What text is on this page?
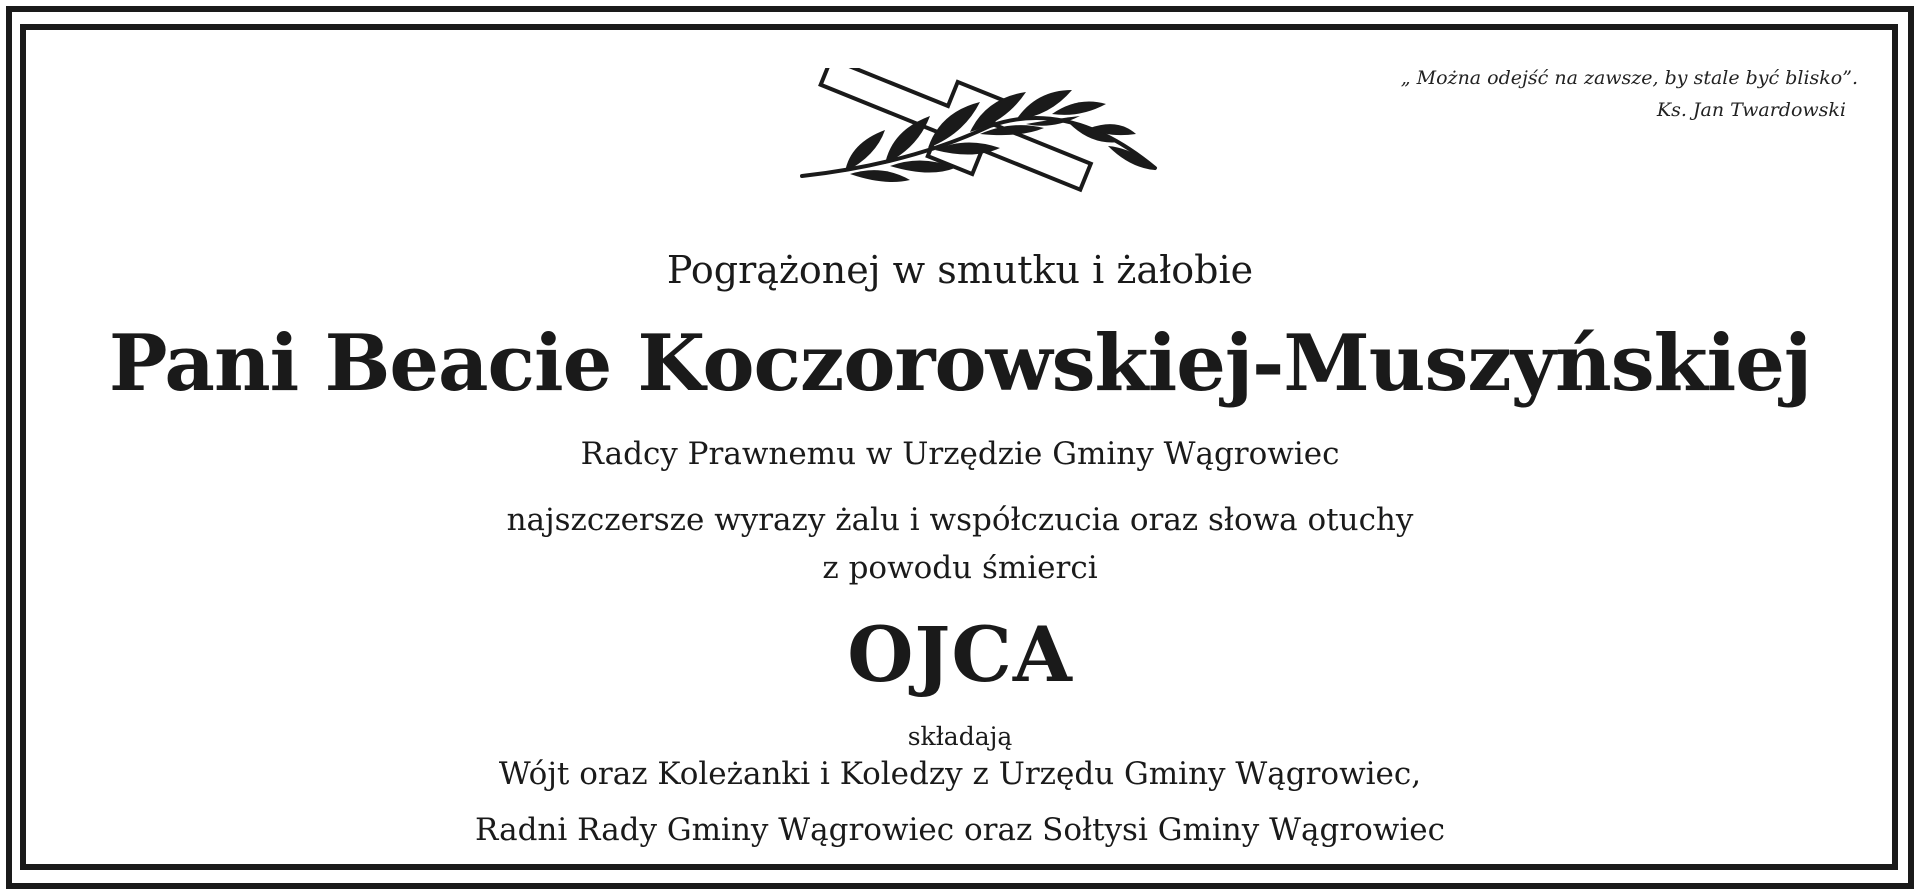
„ Można odejść na zawsze, by stale być blisko”.

Ks. Jan Twardowski
Pogrążonej w smutku i żałobie
Pani Beacie Koczorowskiej-Muszyńskiej
Radcy Prawnemu w Urzędzie Gminy Wągrowiec
najszczersze wyrazy żalu i współczucia oraz słowa otuchy
z powodu śmierci
OJCA
składają
Wójt oraz Koleżanki i Koledzy z Urzędu Gminy Wągrowiec,
Radni Rady Gminy Wągrowiec oraz Sołtysi Gminy Wągrowiec
